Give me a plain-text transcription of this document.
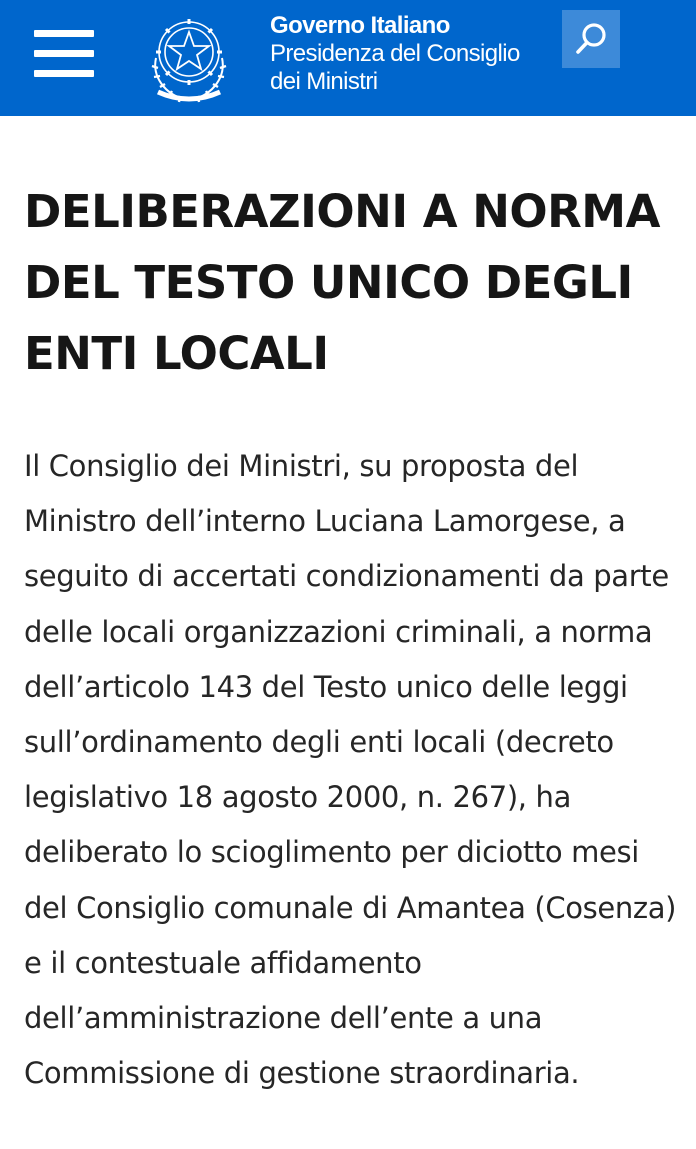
Governo Italiano
Presidenza del Consiglio
dei Ministri
DELIBERAZIONI A NORMA DEL TESTO UNICO DEGLI ENTI LOCALI

Il Consiglio dei Ministri, su proposta del Ministro dell’interno Luciana Lamorgese, a seguito di accertati condizionamenti da parte delle locali organizzazioni criminali, a norma dell’articolo 143 del Testo unico delle leggi sull’ordinamento degli enti locali (decreto legislativo 18 agosto 2000, n. 267), ha deliberato lo scioglimento per diciotto mesi del Consiglio comunale di Amantea (Cosenza) e il contestuale affidamento dell’amministrazione dell’ente a una Commissione di gestione straordinaria.
